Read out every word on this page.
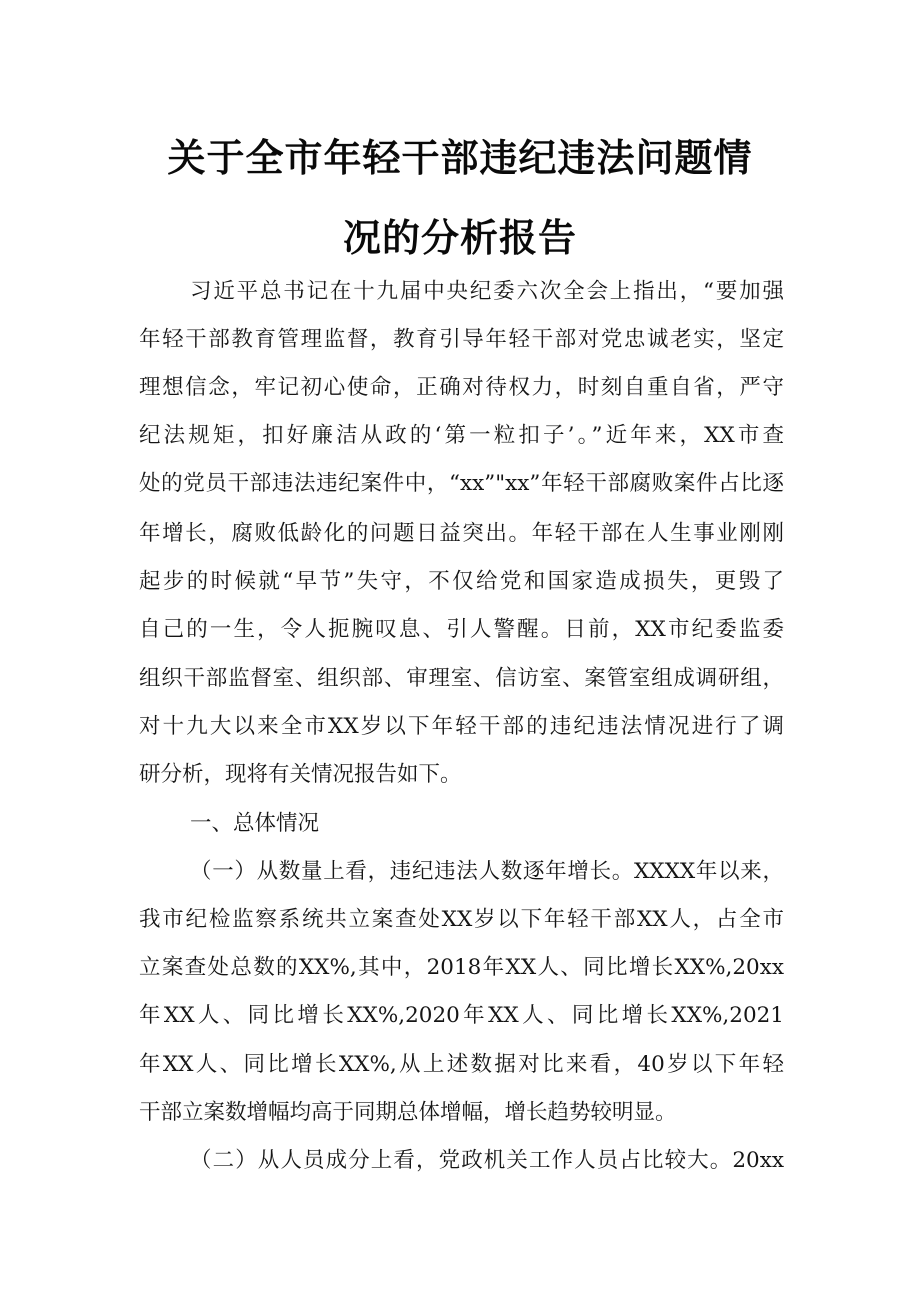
关于全市年轻干部违纪违法问题情
况的分析报告
习近平总书记在十九届中央纪委六次全会上指出，“要加强
年轻干部教育管理监督，教育引导年轻干部对党忠诚老实，坚定
理想信念，牢记初心使命，正确对待权力，时刻自重自省，严守
纪法规矩，扣好廉洁从政的‘第一粒扣子’。”近年来，XX市查
处的党员干部违法违纪案件中，“xx”"xx”年轻干部腐败案件占比逐
年增长，腐败低龄化的问题日益突出。年轻干部在人生事业刚刚
起步的时候就“早节”失守，不仅给党和国家造成损失，更毁了
自己的一生，令人扼腕叹息、引人警醒。日前，XX市纪委监委
组织干部监督室、组织部、审理室、信访室、案管室组成调研组，
对十九大以来全市XX岁以下年轻干部的违纪违法情况进行了调
研分析，现将有关情况报告如下。
一、总体情况
（一）从数量上看，违纪违法人数逐年增长。XXXX年以来，
我市纪检监察系统共立案查处XX岁以下年轻干部XX人，占全市
立案查处总数的XX%,其中，2018年XX人、同比增长XX%,20xx
年XX人、同比增长XX%,2020年XX人、同比增长XX%,2021
年XX人、同比增长XX%,从上述数据对比来看，40岁以下年轻
干部立案数增幅均高于同期总体增幅，增长趋势较明显。
（二）从人员成分上看，党政机关工作人员占比较大。20xx
